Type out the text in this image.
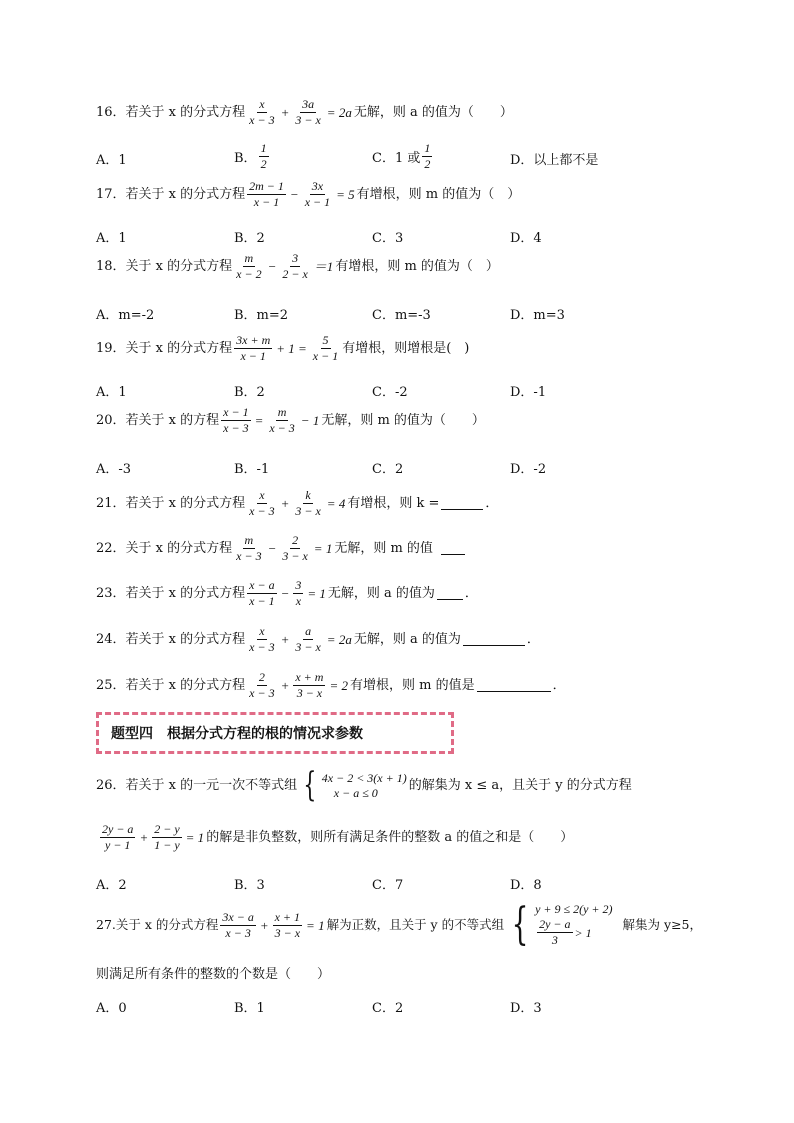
16．若关于 x 的分式方程 $\frac{x}{x - 3} + \frac{3a}{3 - x} = 2a$ 无解，则 a 的值为（　　）
A．1	B． $\frac{1}{2}$	C．1 或 $\frac{1}{2}$	D．以上都不是
17．若关于 x 的分式方程 $\frac{2m - 1}{x - 1} - \frac{3x}{x - 1} = 5$ 有增根，则 m 的值为（　）
A．1	B．2	C．3	D．4
18．关于 x 的分式方程 $\frac{m}{x - 2} - \frac{3}{2 - x} =1$ 有增根，则 m 的值为（　）
A．m=-2	B．m=2	C．m=-3	D．m=3
19．关于 x 的分式方程 $\frac{3x + m}{x - 1} + 1 = \frac{5}{x - 1}$ 有增根，则增根是(　)
A．1	B．2	C．-2	D．-1
20．若关于 x 的方程 $\frac{x - 1}{x - 3} = \frac{m}{x - 3} - 1$ 无解，则 m 的值为（　　）
A．-3	B．-1	C．2	D．-2
21．若关于 x 的分式方程 $\frac{x}{x - 3} + \frac{k}{3 - x} = 4$ 有增根，则 k =	．
22．关于 x 的分式方程 $\frac{m}{x - 3} - \frac{2}{3 - x} = 1$ 无解，则 m 的值
23．若关于 x 的分式方程 $\frac{x - a}{x - 1} - \frac{3}{x} = 1$ 无解，则 a 的值为 ．
24．若关于 x 的分式方程 $\frac{x}{x - 3} + \frac{a}{3 - x} = 2a$ 无解，则 a 的值为	．
25．若关于 x 的分式方程 $\frac{2}{x - 3} + \frac{x + m}{3 - x} = 2$ 有增根，则 m 的值是	．
题型四　根据分式方程的根的情况求参数
26．若关于 x 的一元一次不等式组 { 4x − 2 < 3(x + 1)
x − a ≤ 0	的解集为 x ≤ a，且关于 y 的分式方程
$\frac{2y - a}{y - 1} + \frac{2 - y}{1 - y} = 1$ 的解是非负整数，则所有满足条件的整数 a 的值之和是（　　）
A．2	B．3	C．7	D．8
27.关于 x 的分式方程 $\frac{3x - a}{x - 3} + \frac{x + 1}{3 - x} = 1$ 解为正数，且关于 y 的不等式组 { y + 9 ≤ 2(y + 2)
$\frac{2y - a}{3} > 1$
解集为 y≥5，
则满足所有条件的整数的个数是（　　）
A．0	B．1	C．2	D．3
